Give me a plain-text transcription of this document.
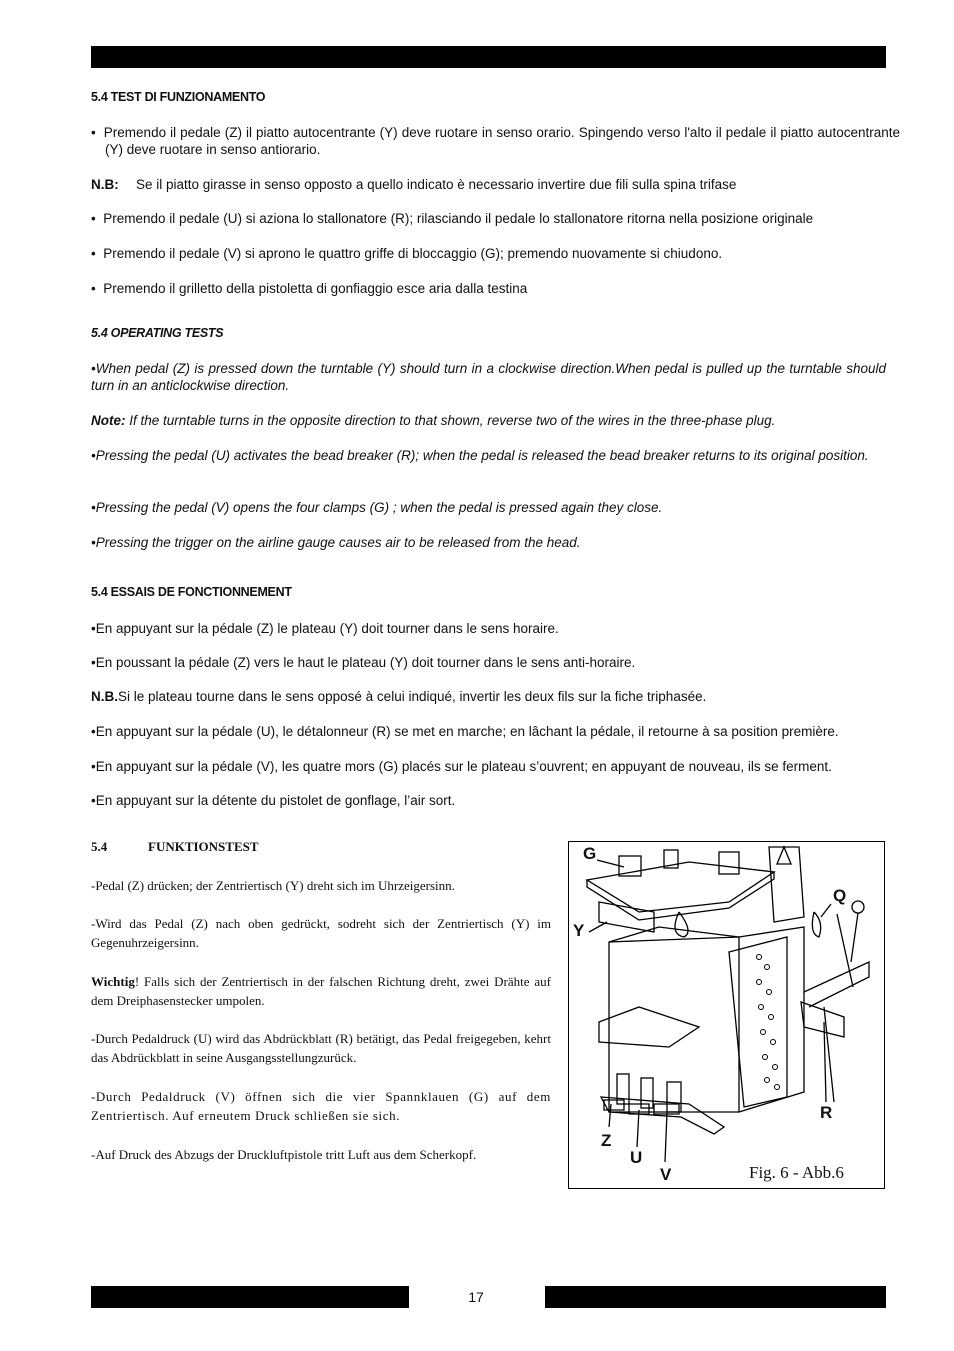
5.4 TEST DI FUNZIONAMENTO
•  Premendo il pedale (Z) il piatto autocentrante (Y) deve ruotare in senso orario. Spingendo verso l'alto il pedale il piatto autocentrante (Y) deve ruotare in senso antiorario.
N.B: Se il piatto girasse in senso opposto a quello indicato è necessario invertire due fili sulla spina trifase
•  Premendo il pedale (U) si aziona lo stallonatore (R); rilasciando il pedale lo stallonatore ritorna nella posizione originale
•  Premendo il pedale (V) si aprono le quattro griffe di bloccaggio (G); premendo nuovamente si chiudono.
•  Premendo il grilletto della pistoletta di gonfiaggio esce aria dalla testina
5.4 OPERATING TESTS
•When pedal (Z) is pressed down the turntable (Y) should turn in a clockwise direction.When pedal is pulled up the turntable should turn in an anticlockwise direction.
Note: If the turntable turns in the opposite direction to that shown, reverse two of the wires in the three-phase plug.
•Pressing the pedal (U) activates the bead breaker (R); when the pedal is released the bead breaker returns to its original position.
•Pressing the pedal (V) opens the four clamps (G) ; when the pedal is pressed again they close.
•Pressing the trigger on the airline gauge causes air to be released from the head.
5.4 ESSAIS DE FONCTIONNEMENT
•En appuyant sur la pédale (Z) le plateau (Y) doit tourner dans le sens horaire.
•En poussant la pédale (Z) vers le haut le plateau (Y) doit tourner dans le sens anti-horaire.
N.B.Si le plateau tourne dans le sens opposé à celui indiqué, invertir les deux fils sur la fiche triphasée.
•En appuyant sur la pédale (U), le détalonneur (R) se met en marche; en lâchant la pédale, il retourne à sa position première.
•En appuyant sur la pédale (V), les quatre mors (G) placés sur le plateau s’ouvrent; en appuyant de nouveau, ils se ferment.
•En appuyant sur la détente du pistolet de gonflage, l’air sort.
5.4	FUNKTIONSTEST
-Pedal (Z) drücken; der Zentriertisch (Y) dreht sich im Uhrzeigersinn.
-Wird das Pedal (Z) nach oben gedrückt, sodreht sich der Zentriertisch (Y) im Gegenuhrzeigersinn.
Wichtig! Falls sich der Zentriertisch in der falschen Richtung dreht, zwei Drähte auf dem Dreiphasenstecker umpolen.
-Durch Pedaldruck (U) wird das Abdrückblatt (R) betätigt, das Pedal freigegeben, kehrt das Abdrückblatt in seine Ausgangsstellungzurück.
-Durch Pedaldruck (V) öffnen sich die vier Spannklauen (G) auf dem Zentriertisch. Auf erneutem Druck schließen sie sich.
-Auf Druck des Abzugs der Druckluftpistole tritt Luft aus dem Scherkopf.
G
Q
Y
R
Z
U
V	Fig. 6 - Abb.6
17
